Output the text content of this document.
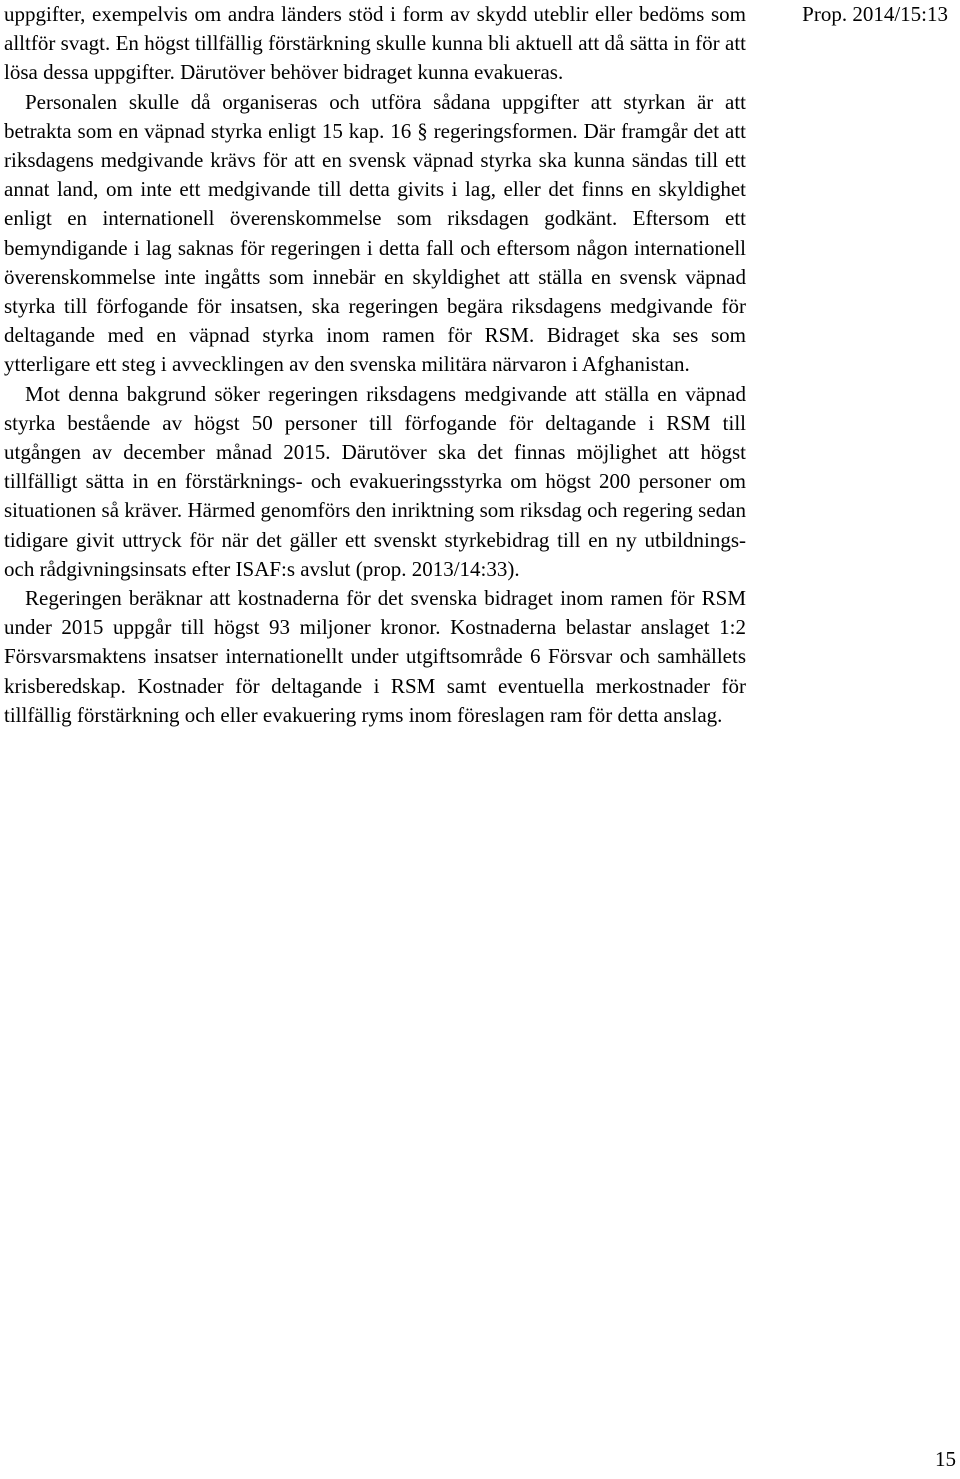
Prop. 2014/15:13

uppgifter, exempelvis om andra länders stöd i form av skydd uteblir eller bedöms som alltför svagt. En högst tillfällig förstärkning skulle kunna bli aktuell att då sätta in för att lösa dessa uppgifter. Därutöver behöver bidraget kunna evakueras.

Personalen skulle då organiseras och utföra sådana uppgifter att styrkan är att betrakta som en väpnad styrka enligt 15 kap. 16 § regeringsformen. Där framgår det att riksdagens medgivande krävs för att en svensk väpnad styrka ska kunna sändas till ett annat land, om inte ett medgivande till detta givits i lag, eller det finns en skyldighet enligt en internationell överenskommelse som riksdagen godkänt. Eftersom ett bemyndigande i lag saknas för regeringen i detta fall och eftersom någon internationell överenskommelse inte ingåtts som innebär en skyldighet att ställa en svensk väpnad styrka till förfogande för insatsen, ska regeringen begära riksdagens medgivande för deltagande med en väpnad styrka inom ramen för RSM. Bidraget ska ses som ytterligare ett steg i avvecklingen av den svenska militära närvaron i Afghanistan.

Mot denna bakgrund söker regeringen riksdagens medgivande att ställa en väpnad styrka bestående av högst 50 personer till förfogande för deltagande i RSM till utgången av december månad 2015. Därutöver ska det finnas möjlighet att högst tillfälligt sätta in en förstärknings- och evakueringsstyrka om högst 200 personer om situationen så kräver. Härmed genomförs den inriktning som riksdag och regering sedan tidigare givit uttryck för när det gäller ett svenskt styrkebidrag till en ny utbildnings- och rådgivningsinsats efter ISAF:s avslut (prop. 2013/14:33).

Regeringen beräknar att kostnaderna för det svenska bidraget inom ramen för RSM under 2015 uppgår till högst 93 miljoner kronor. Kostnaderna belastar anslaget 1:2 Försvarsmaktens insatser internationellt under utgiftsområde 6 Försvar och samhällets krisberedskap. Kostnader för deltagande i RSM samt eventuella merkostnader för tillfällig förstärkning och eller evakuering ryms inom föreslagen ram för detta anslag.

15
